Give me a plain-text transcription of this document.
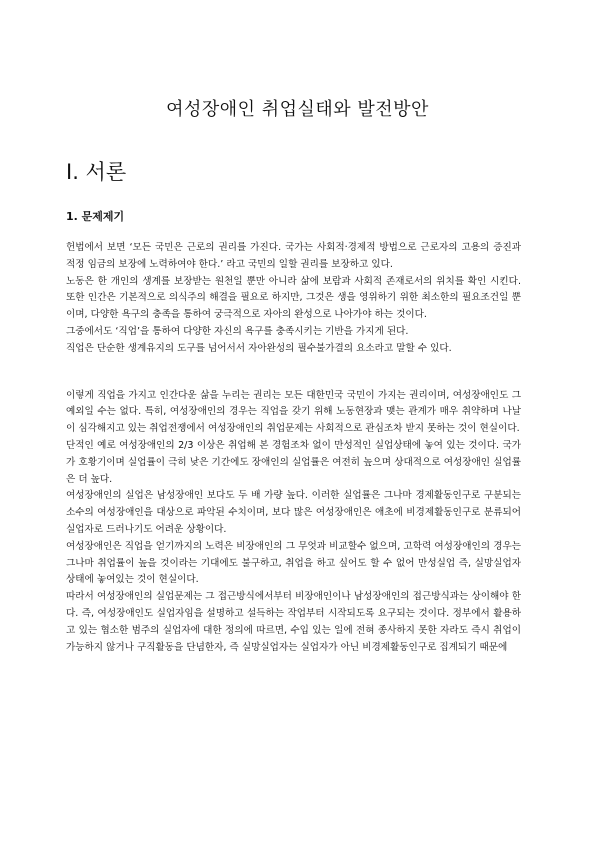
여성장애인 취업실태와 발전방안
Ⅰ. 서론
1. 문제제기

헌법에서 보면 ‘모든 국민은 근로의 권리를 가진다. 국가는 사회적·경제적 방법으로 근로자의 고용의 증진과 적정 임금의 보장에 노력하여야 한다.’ 라고 국민의 일할 권리를 보장하고 있다.

노동은 한 개인의 생계를 보장받는 원천일 뿐만 아니라 삶에 보람과 사회적 존재로서의 위치를 확인 시킨다. 또한 인간은 기본적으로 의식주의 해결을 필요로 하지만, 그것은 생을 영위하기 위한 최소한의 필요조건일 뿐이며, 다양한 욕구의 충족을 통하여 궁극적으로 자아의 완성으로 나아가야 하는 것이다.

그중에서도 ‘직업’을 통하여 다양한 자신의 욕구를 충족시키는 기반을 가지게 된다.

직업은 단순한 생계유지의 도구를 넘어서서 자아완성의 필수불가결의 요소라고 말할 수 있다.

이렇게 직업을 가지고 인간다운 삶을 누리는 권리는 모든 대한민국 국민이 가지는 권리이며, 여성장애인도 그 예외일 수는 없다. 특히, 여성장애인의 경우는 직업을 갖기 위해 노동현장과 맺는 관계가 매우 취약하며 나날이 심각해지고 있는 취업전쟁에서 여성장애인의 취업문제는 사회적으로 관심조차 받지 못하는 것이 현실이다.

단적인 예로 여성장애인의 2/3 이상은 취업해 본 경험조차 없이 만성적인 실업상태에 놓여 있는 것이다. 국가가 호황기이며 실업률이 극히 낮은 기간에도 장애인의 실업률은 여전히 높으며 상대적으로 여성장애인 실업률은 더 높다.

여성장애인의 실업은 남성장애인 보다도 두 배 가량 높다. 이러한 실업률은 그나마 경제활동인구로 구분되는 소수의 여성장애인을 대상으로 파악된 수치이며, 보다 많은 여성장애인은 애초에 비경제활동인구로 분류되어 실업자로 드러나기도 어려운 상황이다.

여성장애인은 직업을 얻기까지의 노력은 비장애인의 그 무엇과 비교할수 없으며, 고학력 여성장애인의 경우는 그나마 취업률이 높을 것이라는 기대에도 불구하고, 취업을 하고 싶어도 할 수 없어 만성실업 즉, 실망실업자 상태에 놓여있는 것이 현실이다.

따라서 여성장애인의 실업문제는 그 접근방식에서부터 비장애인이나 남성장애인의 접근방식과는 상이해야 한다. 즉, 여성장애인도 실업자임을 설명하고 설득하는 작업부터 시작되도록 요구되는 것이다. 정부에서 활용하고 있는 협소한 범주의 실업자에 대한 정의에 따르면, 수입 있는 일에 전혀 종사하지 못한 자라도 즉시 취업이 가능하지 않거나 구직활동을 단념한자, 즉 실망실업자는 실업자가 아닌 비경제활동인구로 집계되기 때문에
